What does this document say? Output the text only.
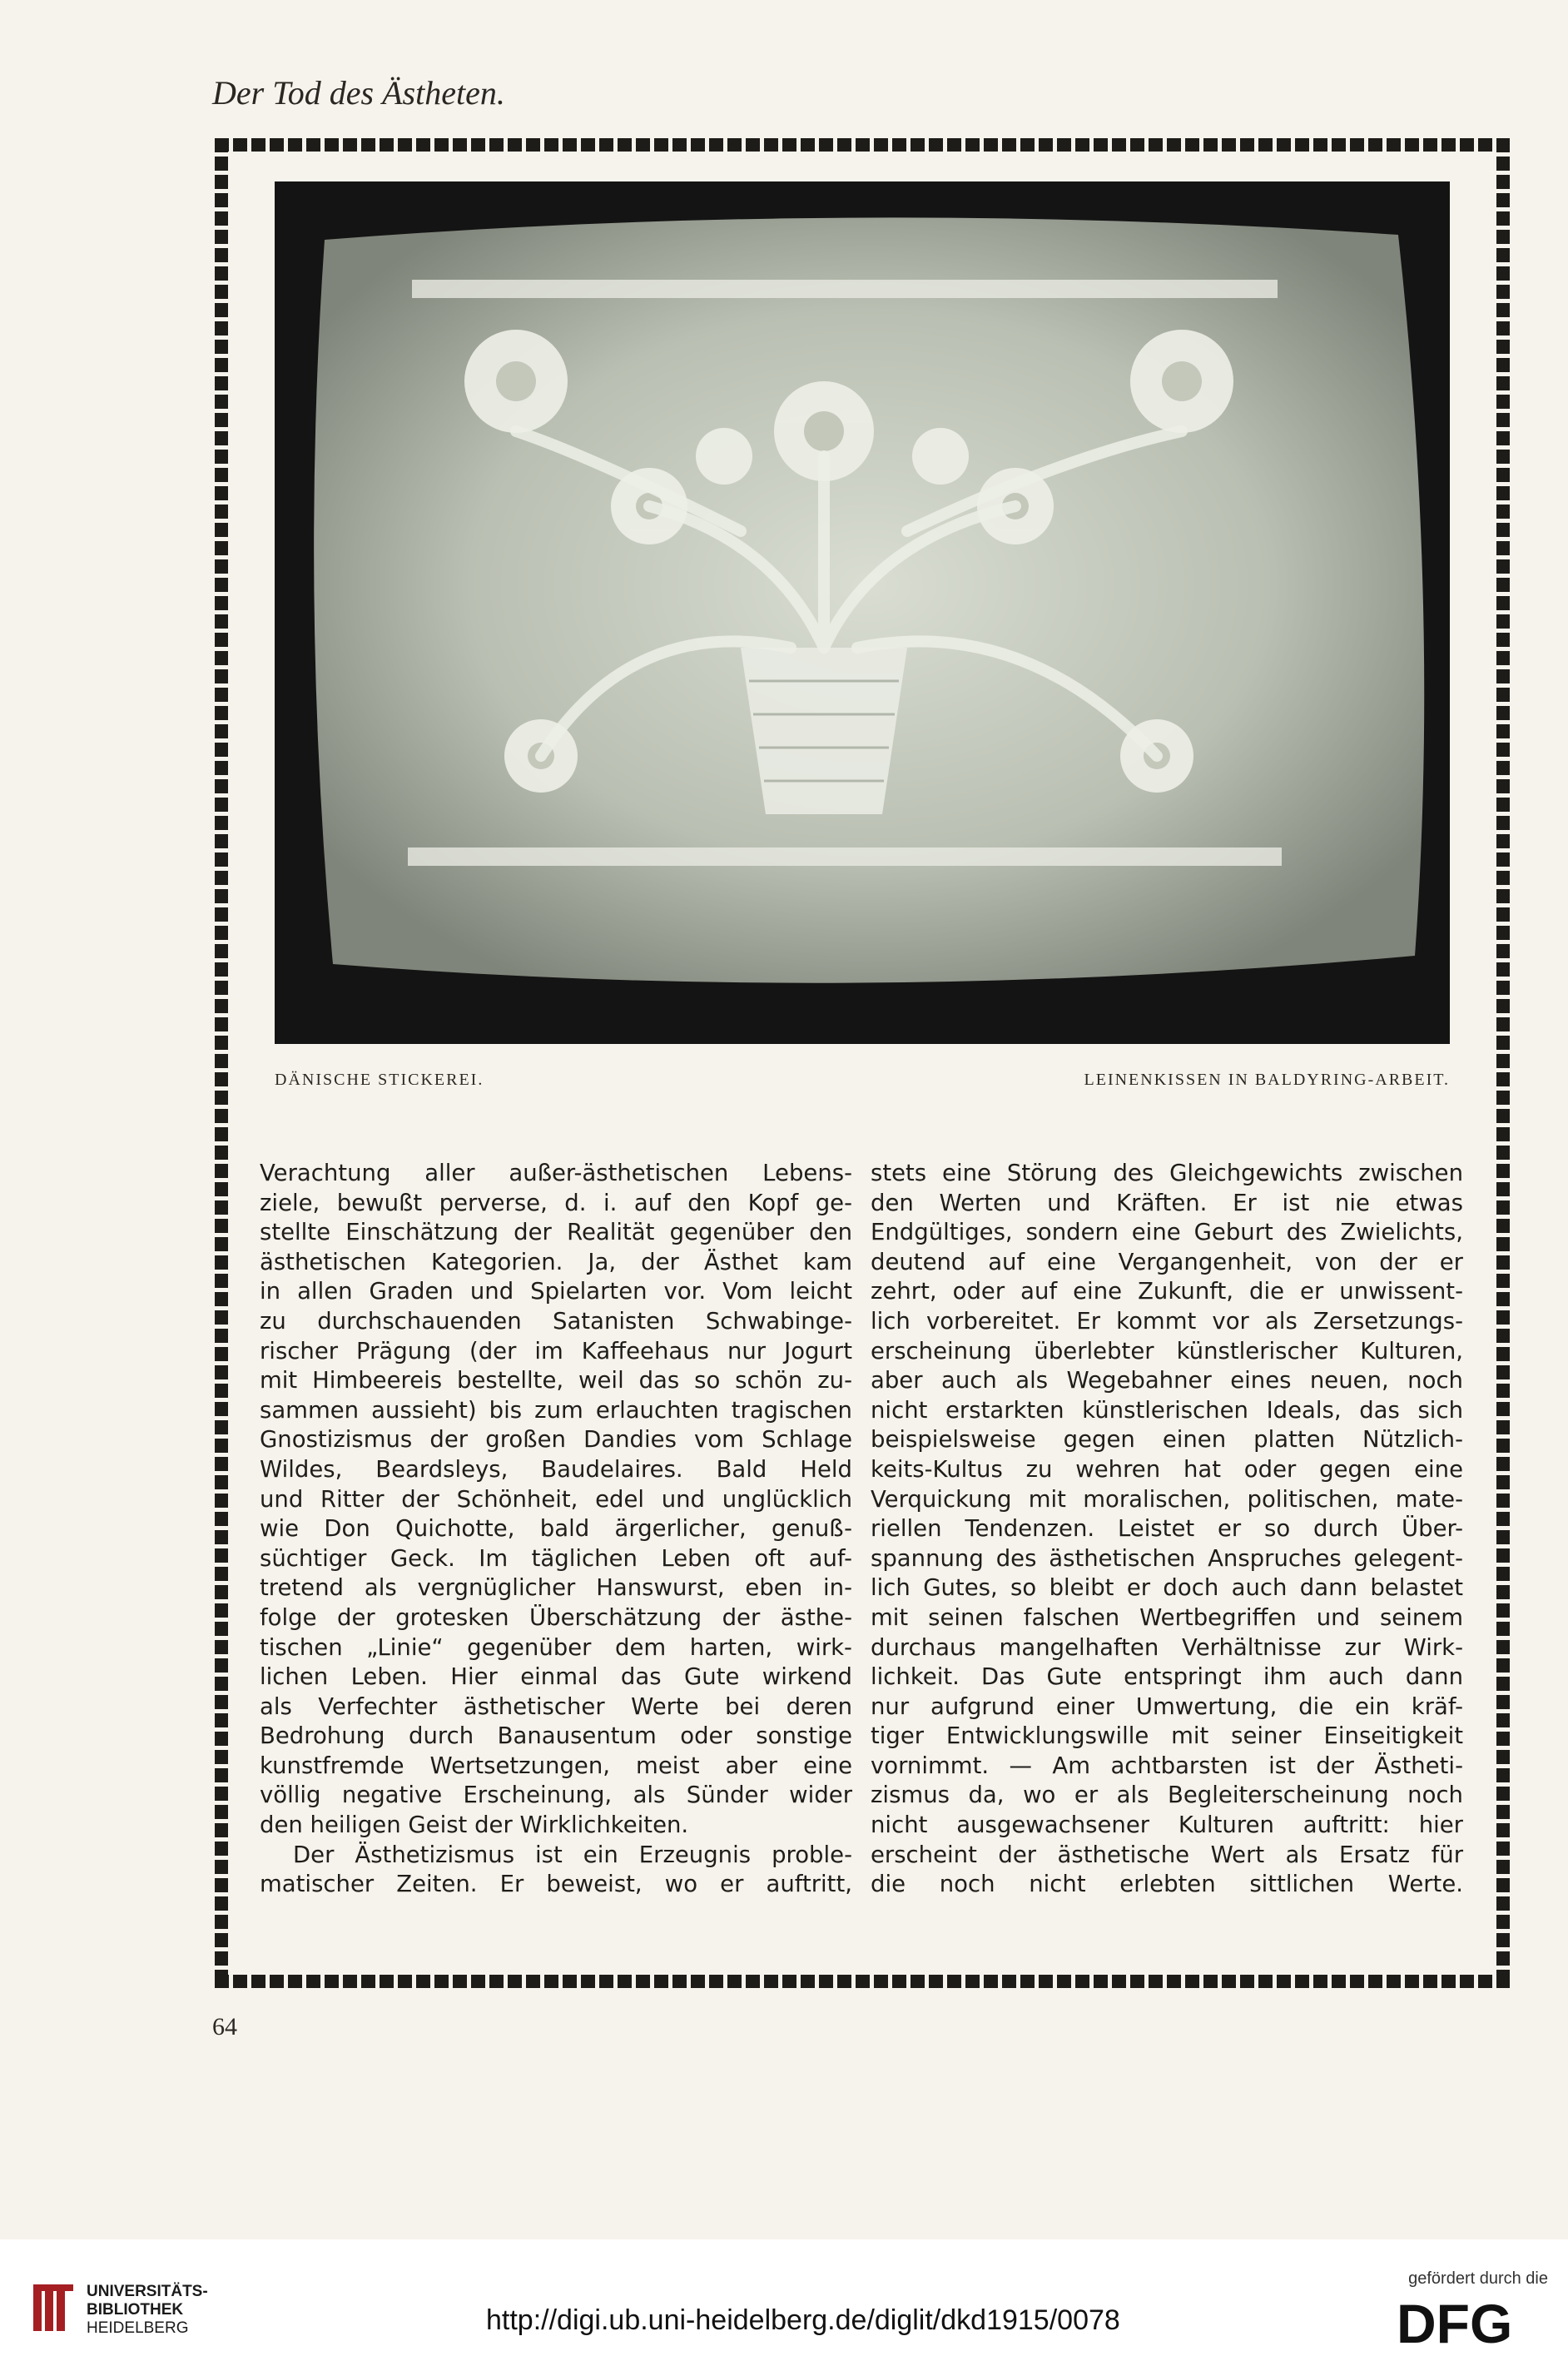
Der Tod des Ästheten.
DÄNISCHE STICKEREI.	LEINENKISSEN IN BALDYRING-ARBEIT.
Verachtung aller außer-ästhetischen Lebens-
ziele, bewußt perverse, d. i. auf den Kopf ge-
stellte Einschätzung der Realität gegenüber den
ästhetischen Kategorien. Ja, der Ästhet kam
in allen Graden und Spielarten vor. Vom leicht
zu durchschauenden Satanisten Schwabinge-
rischer Prägung (der im Kaffeehaus nur Jogurt
mit Himbeereis bestellte, weil das so schön zu-
sammen aussieht) bis zum erlauchten tragischen
Gnostizismus der großen Dandies vom Schlage
Wildes, Beardsleys, Baudelaires. Bald Held
und Ritter der Schönheit, edel und unglücklich
wie Don Quichotte, bald ärgerlicher, genuß-
süchtiger Geck. Im täglichen Leben oft auf-
tretend als vergnüglicher Hanswurst, eben in-
folge der grotesken Überschätzung der ästhe-
tischen „Linie“ gegenüber dem harten, wirk-
lichen Leben. Hier einmal das Gute wirkend
als Verfechter ästhetischer Werte bei deren
Bedrohung durch Banausentum oder sonstige
kunstfremde Wertsetzungen, meist aber eine
völlig negative Erscheinung, als Sünder wider
den heiligen Geist der Wirklichkeiten.
Der Ästhetizismus ist ein Erzeugnis proble-
matischer Zeiten. Er beweist, wo er auftritt,
stets eine Störung des Gleichgewichts zwischen
den Werten und Kräften. Er ist nie etwas
Endgültiges, sondern eine Geburt des Zwielichts,
deutend auf eine Vergangenheit, von der er
zehrt, oder auf eine Zukunft, die er unwissent-
lich vorbereitet. Er kommt vor als Zersetzungs-
erscheinung überlebter künstlerischer Kulturen,
aber auch als Wegebahner eines neuen, noch
nicht erstarkten künstlerischen Ideals, das sich
beispielsweise gegen einen platten Nützlich-
keits-Kultus zu wehren hat oder gegen eine
Verquickung mit moralischen, politischen, mate-
riellen Tendenzen. Leistet er so durch Über-
spannung des ästhetischen Anspruches gelegent-
lich Gutes, so bleibt er doch auch dann belastet
mit seinen falschen Wertbegriffen und seinem
durchaus mangelhaften Verhältnisse zur Wirk-
lichkeit. Das Gute entspringt ihm auch dann
nur aufgrund einer Umwertung, die ein kräf-
tiger Entwicklungswille mit seiner Einseitigkeit
vornimmt. — Am achtbarsten ist der Ästheti-
zismus da, wo er als Begleiterscheinung noch
nicht ausgewachsener Kulturen auftritt: hier
erscheint der ästhetische Wert als Ersatz für
die noch nicht erlebten sittlichen Werte.
64
UNIVERSITÄTS-
BIBLIOTHEK
HEIDELBERG	http://digi.ub.uni-heidelberg.de/diglit/dkd1915/0078
gefördert durch die
DFG
